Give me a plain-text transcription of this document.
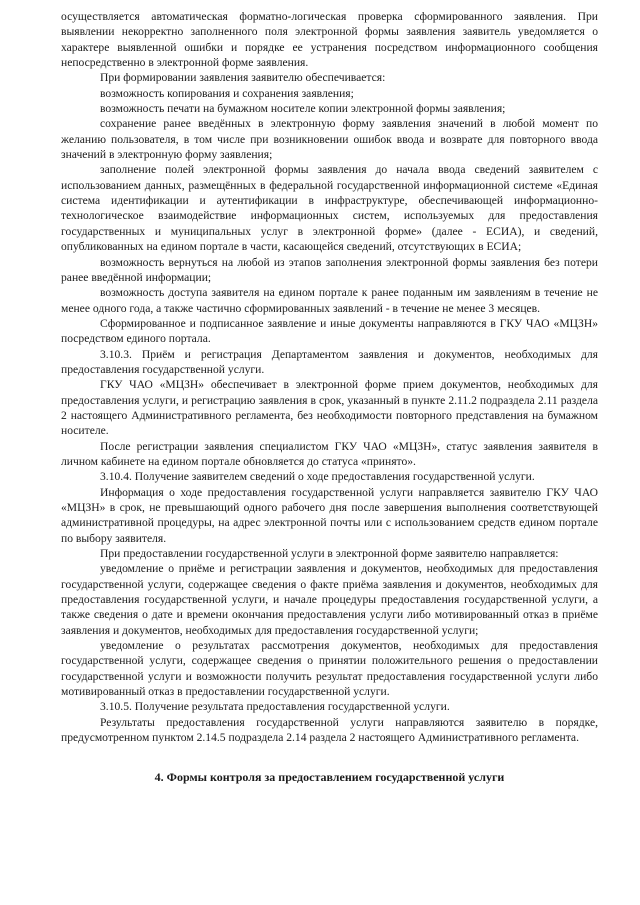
осуществляется автоматическая форматно-логическая проверка сформированного заявления. При выявлении некорректно заполненного поля электронной формы заявления заявитель уведомляется о характере выявленной ошибки и порядке ее устранения посредством информационного сообщения непосредственно в электронной форме заявления.

При формировании заявления заявителю обеспечивается:

возможность копирования и сохранения заявления;

возможность печати на бумажном носителе копии электронной формы заявления;

сохранение ранее введённых в электронную форму заявления значений в любой момент по желанию пользователя, в том числе при возникновении ошибок ввода и возврате для повторного ввода значений в электронную форму заявления;

заполнение полей электронной формы заявления до начала ввода сведений заявителем с использованием данных, размещённых в федеральной государственной информационной системе «Единая система идентификации и аутентификации в инфраструктуре, обеспечивающей информационно-технологическое взаимодействие информационных систем, используемых для предоставления государственных и муниципальных услуг в электронной форме» (далее - ЕСИА), и сведений, опубликованных на едином портале в части, касающейся сведений, отсутствующих в ЕСИА;

возможность вернуться на любой из этапов заполнения электронной формы заявления без потери ранее введённой информации;

возможность доступа заявителя на едином портале к ранее поданным им заявлениям в течение не менее одного года, а также частично сформированных заявлений - в течение не менее 3 месяцев.

Сформированное и подписанное заявление и иные документы направляются в ГКУ ЧАО «МЦЗН» посредством единого портала.

3.10.3. Приём и регистрация Департаментом заявления и документов, необходимых для предоставления государственной услуги.

ГКУ ЧАО «МЦЗН» обеспечивает в электронной форме прием документов, необходимых для предоставления услуги, и регистрацию заявления в срок, указанный в пункте 2.11.2 подраздела 2.11 раздела 2 настоящего Административного регламента, без необходимости повторного представления на бумажном носителе.

После регистрации заявления специалистом ГКУ ЧАО «МЦЗН», статус заявления заявителя в личном кабинете на едином портале обновляется до статуса «принято».

3.10.4. Получение заявителем сведений о ходе предоставления государственной услуги.

Информация о ходе предоставления государственной услуги направляется заявителю ГКУ ЧАО «МЦЗН» в срок, не превышающий одного рабочего дня после завершения выполнения соответствующей административной процедуры, на адрес электронной почты или с использованием средств едином портале по выбору заявителя.

При предоставлении государственной услуги в электронной форме заявителю направляется:

уведомление о приёме и регистрации заявления и документов, необходимых для предоставления государственной услуги, содержащее сведения о факте приёма заявления и документов, необходимых для предоставления государственной услуги, и начале процедуры предоставления государственной услуги, а также сведения о дате и времени окончания предоставления услуги либо мотивированный отказ в приёме заявления и документов, необходимых для предоставления государственной услуги;

уведомление о результатах рассмотрения документов, необходимых для предоставления государственной услуги, содержащее сведения о принятии положительного решения о предоставлении государственной услуги и возможности получить результат предоставления государственной услуги либо мотивированный отказ в предоставлении государственной услуги.

3.10.5. Получение результата предоставления государственной услуги.

Результаты предоставления государственной услуги направляются заявителю в порядке, предусмотренном пунктом 2.14.5 подраздела 2.14 раздела 2 настоящего Административного регламента.

4. Формы контроля за предоставлением государственной услуги
